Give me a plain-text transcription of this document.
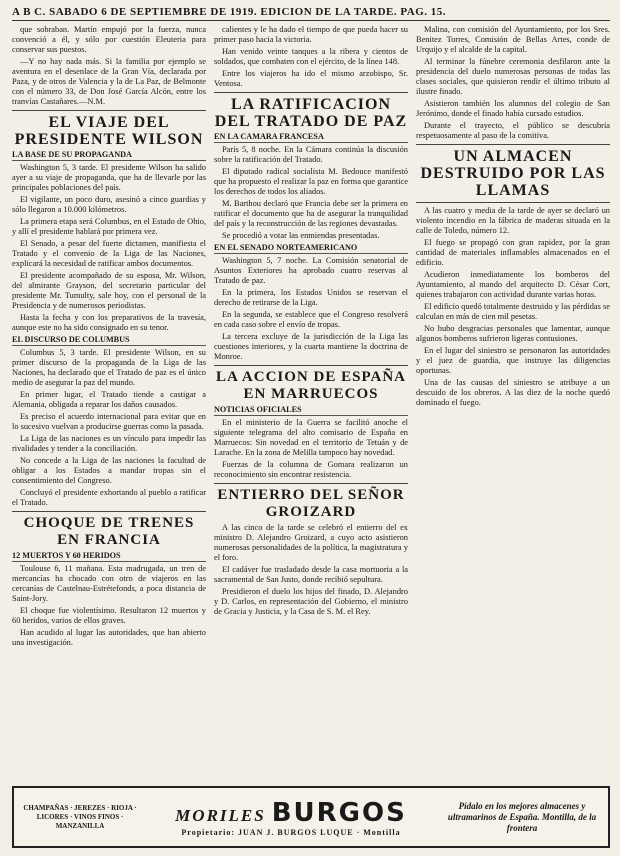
A B C. SABADO 6 DE SEPTIEMBRE DE 1919. EDICION DE LA TARDE. PAG. 15.

que sobraban. Martín empujó por la fuerza, nunca convenció a él, y sólo por cuestión Eleuteria para conservar sus puestos.

—Y no hay nada más. Si la familia por ejemplo se aventura en el desenlace de la Gran Vía, declarada por Paza, y de otros de Valencia y la de La Paz, de Belmonte con el número 33, de Don José García Alcón, entre los tranvías Castañares.—N.M.

EL VIAJE DEL PRESIDENTE WILSON
LA BASE DE SU PROPAGANDA

Washington 5, 3 tarde. El presidente Wilson ha salido ayer a su viaje de propaganda, que ha de llevarle por las principales poblaciones del país.

El vigilante, un poco duro, asesinó a cinco guardias y sólo llegaron a 10.000 kilómetros.

La primera etapa será Columbus, en el Estado de Ohio, y allí el presidente hablará por primera vez.

El Senado, a pesar del fuerte dictamen, manifiesta el Tratado y el convenio de la Liga de las Naciones, explicará la necesidad de ratificar ambos documentos.

El presidente acompañado de su esposa, Mr. Wilson, del almirante Grayson, del secretario particular del presidente Mr. Tumulty, sale hoy, con el personal de la Presidencia y de numerosos periodistas.

Hasta la fecha y con los preparativos de la travesía, aunque este no ha sido consignado en su tenor.

EL DISCURSO DE COLUMBUS

Columbus 5, 3 tarde. El presidente Wilson, en su primer discurso de la propaganda de la Liga de las Naciones, ha declarado que el Tratado de paz es el único medio de asegurar la paz del mundo.

En primer lugar, el Tratado tiende a castigar a Alemania, obligada a reparar los daños causados.

Es preciso el acuerdo internacional para evitar que en lo sucesivo vuelvan a producirse guerras como la pasada.

La Liga de las naciones es un vínculo para impedir las rivalidades y tender a la conciliación.

No concede a la Liga de las naciones la facultad de obligar a los Estados a mandar tropas sin el consentimiento del Congreso.

Concluyó el presidente exhortando al pueblo a ratificar el Tratado.

CHOQUE DE TRENES EN FRANCIA
12 MUERTOS Y 60 HERIDOS

Toulouse 6, 11 mañana. Esta madrugada, un tren de mercancías ha chocado con otro de viajeros en las cercanías de Castelnau-Estrétefonds, a poca distancia de Saint-Jory.

El choque fue violentísimo. Resultaron 12 muertos y 60 heridos, varios de ellos graves.

Han acudido al lugar las autoridades, que han abierto una investigación.

calientes y le ha dado el tiempo de que pueda hacer su primer paso hacia la victoria.

Han venido veinte tanques a la ribera y cientos de soldados, que combaten con el ejército, de la línea 148.

Entre los viajeros ha ido el mismo arzobispo, Sr. Ventosa.

LA RATIFICACION DEL TRATADO DE PAZ
EN LA CAMARA FRANCESA

París 5, 8 noche. En la Cámara continúa la discusión sobre la ratificación del Tratado.

El diputado radical socialista M. Bedouce manifestó que ha propuesto el realizar la paz en forma que garantice los derechos de todos los aliados.

M. Barthou declaró que Francia debe ser la primera en ratificar el documento que ha de asegurar la tranquilidad del país y la reconstrucción de las regiones devastadas.

Se procedió a votar las enmiendas presentadas.

EN EL SENADO NORTEAMERICANO

Washington 5, 7 noche. La Comisión senatorial de Asuntos Exteriores ha aprobado cuatro reservas al Tratado de paz.

En la primera, los Estados Unidos se reservan el derecho de retirarse de la Liga.

En la segunda, se establece que el Congreso resolverá en cada caso sobre el envío de tropas.

La tercera excluye de la jurisdicción de la Liga las cuestiones interiores, y la cuarta mantiene la doctrina de Monroe.

LA ACCION DE ESPAÑA EN MARRUECOS
NOTICIAS OFICIALES

En el ministerio de la Guerra se facilitó anoche el siguiente telegrama del alto comisario de España en Marruecos: Sin novedad en el territorio de Tetuán y de Larache. En la zona de Melilla tampoco hay novedad.

Fuerzas de la columna de Gomara realizaron un reconocimiento sin encontrar resistencia.

ENTIERRO DEL SEÑOR GROIZARD

A las cinco de la tarde se celebró el entierro del ex ministro D. Alejandro Groizard, a cuyo acto asistieron numerosas personalidades de la política, la magistratura y el foro.

El cadáver fue trasladado desde la casa mortuoria a la sacramental de San Justo, donde recibió sepultura.

Presidieron el duelo los hijos del finado, D. Alejandro y D. Carlos, en representación del Gobierno, el ministro de Gracia y Justicia, y la Casa de S. M. el Rey.

Malina, con comisión del Ayuntamiento, por los Sres. Benitez Torres, Comisión de Bellas Artes, conde de Urquijo y el alcalde de la capital.

Al terminar la fúnebre ceremonia desfilaron ante la presidencia del duelo numerosas personas de todas las clases sociales, que quisieron rendir el último tributo al ilustre finado.

Asistieron también los alumnos del colegio de San Jerónimo, donde el finado había cursado estudios.

Durante el trayecto, el público se descubría respetuosamente al paso de la comitiva.

UN ALMACEN DESTRUIDO POR LAS LLAMAS

A las cuatro y media de la tarde de ayer se declaró un violento incendio en la fábrica de maderas situada en la calle de Toledo, número 12.

El fuego se propagó con gran rapidez, por la gran cantidad de materiales inflamables almacenados en el edificio.

Acudieron inmediatamente los bomberos del Ayuntamiento, al mando del arquitecto D. César Cort, quienes trabajaron con actividad durante varias horas.

El edificio quedó totalmente destruido y las pérdidas se calculan en más de cien mil pesetas.

No hubo desgracias personales que lamentar, aunque algunos bomberos sufrieron ligeras contusiones.

En el lugar del siniestro se personaron las autoridades y el juez de guardia, que instruye las diligencias oportunas.

Una de las causas del siniestro se atribuye a un descuido de los obreros. A las diez de la noche quedó dominado el fuego.

CHAMPAÑAS · JEREZES · RIOJA · LICORES · VINOS FINOS · MANZANILLA
MORILES BURGOS
Propietario: JUAN J. BURGOS LUQUE · Montilla
Pídalo en los mejores almacenes y ultramarinos de España. Montilla, de la frontera
